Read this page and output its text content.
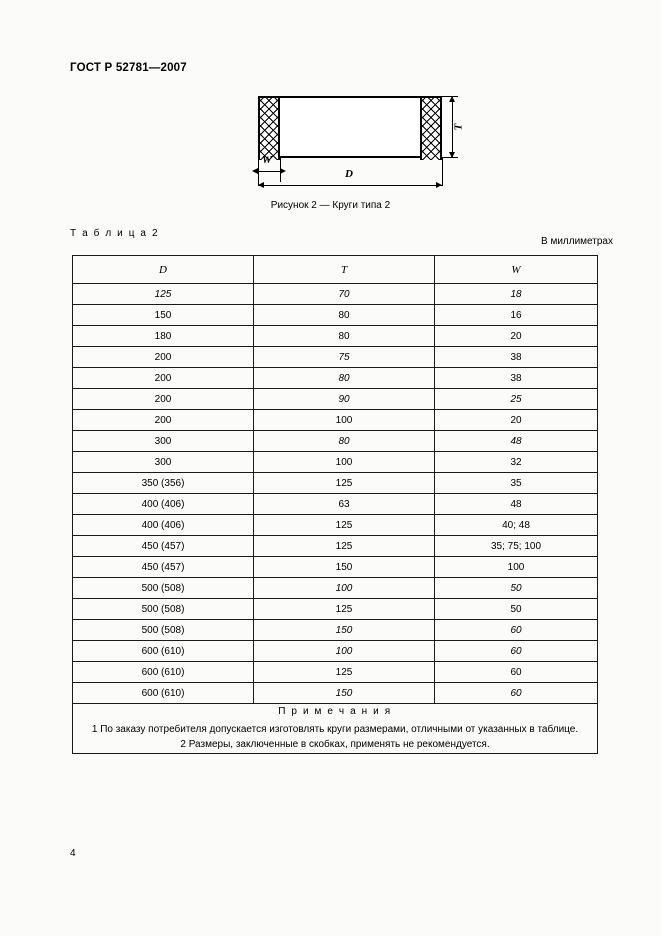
ГОСТ Р 52781—2007
T
W
D
Рисунок 2 — Круги типа 2
Т а б л и ц а 2
В миллиметрах
D	T	W
125	70	18
150	80	16
180	80	20
200	75	38
200	80	38
200	90	25
200	100	20
300	80	48
300	100	32
350 (356)	125	35
400 (406)	63	48
400 (406)	125	40; 48
450 (457)	125	35; 75; 100
450 (457)	150	100
500 (508)	100	50
500 (508)	125	50
500 (508)	150	60
600 (610)	100	60
600 (610)	125	60
600 (610)	150	60

П р и м е ч а н и я
1 По заказу потребителя допускается изготовлять круги размерами, отличными от указанных в таблице.
2 Размеры, заключенные в скобках, применять не рекомендуется.		
4
